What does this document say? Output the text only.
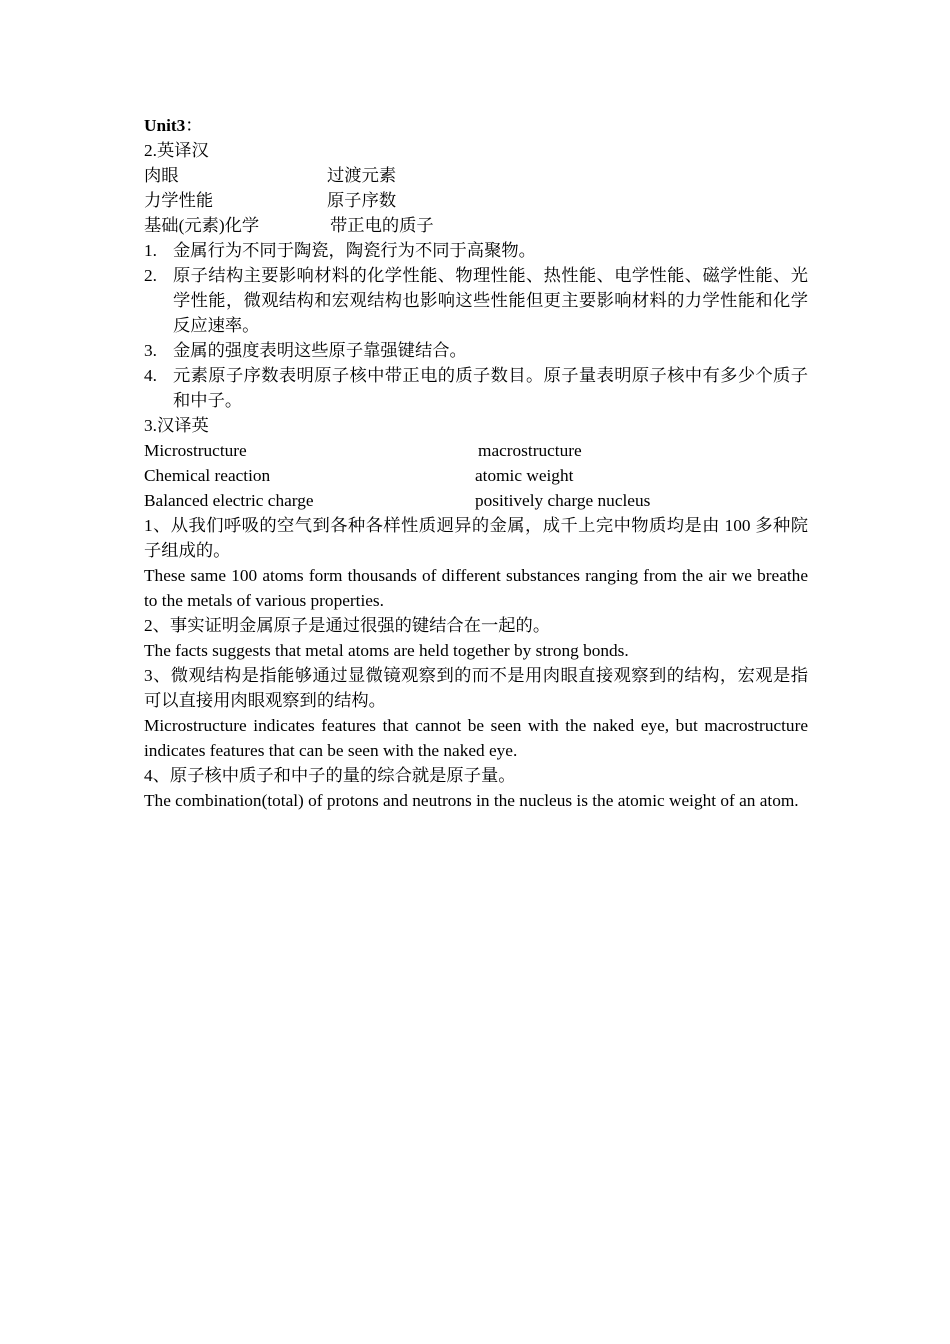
Unit3：

2.英译汉

肉眼	过渡元素
力学性能	原子序数
基础(元素)化学	带正电的质子
1. 金属行为不同于陶瓷，陶瓷行为不同于高聚物。
2. 原子结构主要影响材料的化学性能、物理性能、热性能、电学性能、磁学性能、光学性能，微观结构和宏观结构也影响这些性能但更主要影响材料的力学性能和化学反应速率。
3. 金属的强度表明这些原子靠强键结合。
4. 元素原子序数表明原子核中带正电的质子数目。原子量表明原子核中有多少个质子和中子。

3.汉译英

Microstructure	macrostructure
Chemical reaction	atomic weight
Balanced electric charge	positively charge nucleus

1、从我们呼吸的空气到各种各样性质迥异的金属，成千上完中物质均是由 100 多种院子组成的。

These same 100 atoms form thousands of different substances ranging from the air we breathe to the metals of various properties.

2、事实证明金属原子是通过很强的键结合在一起的。

The facts suggests that metal atoms are held together by strong bonds.

3、微观结构是指能够通过显微镜观察到的而不是用肉眼直接观察到的结构，宏观是指可以直接用肉眼观察到的结构。

Microstructure indicates features that cannot be seen with the naked eye, but macrostructure indicates features that can be seen with the naked eye.

4、原子核中质子和中子的量的综合就是原子量。

The combination(total) of protons and neutrons in the nucleus is the atomic weight of an atom.
